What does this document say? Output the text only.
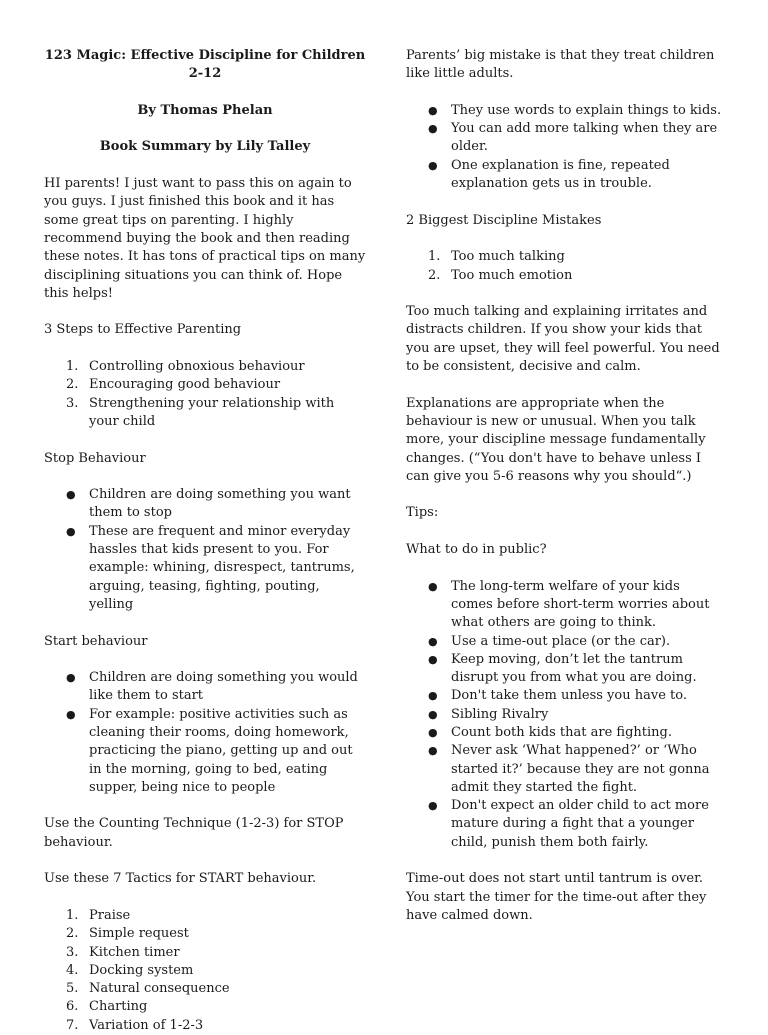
123 Magic: Effective Discipline for Children 2-12

By Thomas Phelan

Book Summary by Lily Talley

HI parents! I just want to pass this on again to you guys. I just finished this book and it has some great tips on parenting. I highly recommend buying the book and then reading these notes. It has tons of practical tips on many disciplining situations you can think of. Hope this helps!

3 Steps to Effective Parenting

1. Controlling obnoxious behaviour
2. Encouraging good behaviour
3. Strengthening your relationship with your child

Stop Behaviour

● Children are doing something you want them to stop
● These are frequent and minor everyday hassles that kids present to you. For example: whining, disrespect, tantrums, arguing, teasing, fighting, pouting, yelling

Start behaviour

● Children are doing something you would like them to start
● For example: positive activities such as cleaning their rooms, doing homework, practicing the piano, getting up and out in the morning, going to bed, eating supper, being nice to people

Use the Counting Technique (1-2-3) for STOP behaviour.

Use these 7 Tactics for START behaviour.

1. Praise
2. Simple request
3. Kitchen timer
4. Docking system
5. Natural consequence
6. Charting
7. Variation of 1-2-3

Parents’ big mistake is that they treat children like little adults.

● They use words to explain things to kids.
● You can add more talking when they are older.
● One explanation is fine, repeated explanation gets us in trouble.

2 Biggest Discipline Mistakes

1. Too much talking
2. Too much emotion

Too much talking and explaining irritates and distracts children. If you show your kids that you are upset, they will feel powerful. You need to be consistent, decisive and calm.

Explanations are appropriate when the behaviour is new or unusual. When you talk more, your discipline message fundamentally changes. (“You don't have to behave unless I can give you 5-6 reasons why you should“.)

Tips:

What to do in public?

● The long-term welfare of your kids comes before short-term worries about what others are going to think.
● Use a time-out place (or the car).
● Keep moving, don’t let the tantrum disrupt you from what you are doing.
● Don't take them unless you have to.
● Sibling Rivalry
● Count both kids that are fighting.
● Never ask ‘What happened?’ or ‘Who started it?’ because they are not gonna admit they started the fight.
● Don't expect an older child to act more mature during a fight that a younger child, punish them both fairly.

Time-out does not start until tantrum is over. You start the timer for the time-out after they have calmed down.
